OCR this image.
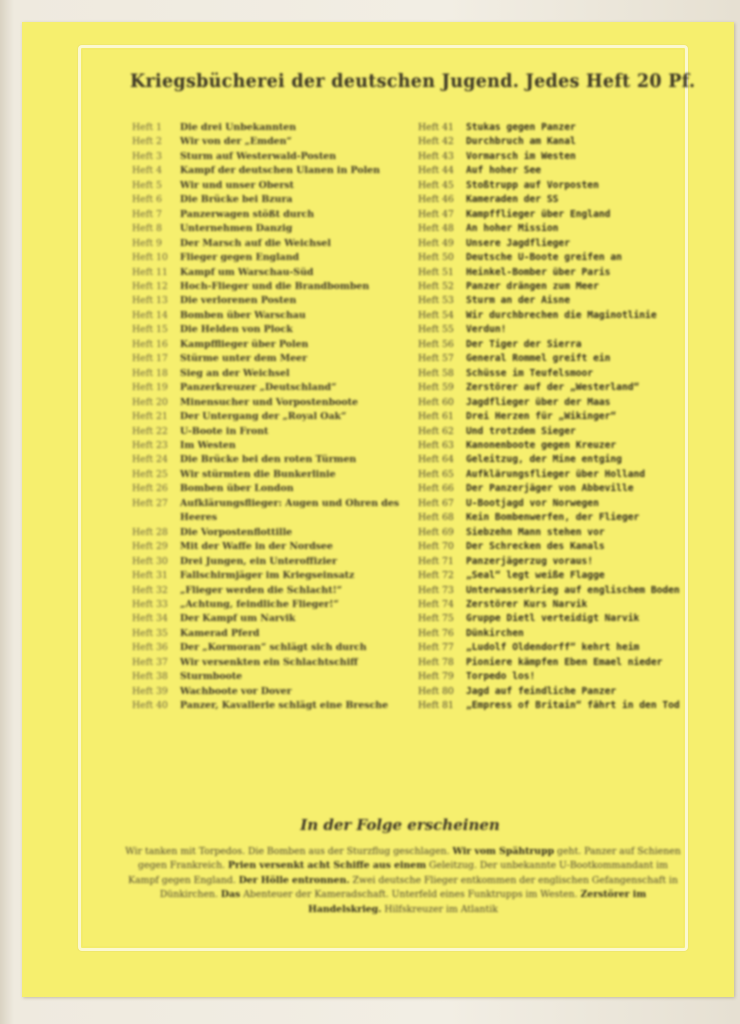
Kriegsbücherei der deutschen Jugend. Jedes Heft 20 Pf.
Heft 1	Die drei Unbekannten
Heft 2	Wir von der „Emden“
Heft 3	Sturm auf Westerwald-Posten
Heft 4	Kampf der deutschen Ulanen in Polen
Heft 5	Wir und unser Oberst
Heft 6	Die Brücke bei Bzura
Heft 7	Panzerwagen stößt durch
Heft 8	Unternehmen Danzig
Heft 9	Der Marsch auf die Weichsel
Heft 10	Flieger gegen England
Heft 11	Kampf um Warschau-Süd
Heft 12	Hoch-Flieger und die Brandbomben
Heft 13	Die verlorenen Posten
Heft 14	Bomben über Warschau
Heft 15	Die Helden von Plock
Heft 16	Kampfflieger über Polen
Heft 17	Stürme unter dem Meer
Heft 18	Sieg an der Weichsel
Heft 19	Panzerkreuzer „Deutschland“
Heft 20	Minensucher und Vorpostenboote
Heft 21	Der Untergang der „Royal Oak“
Heft 22	U-Boote in Front
Heft 23	Im Westen
Heft 24	Die Brücke bei den roten Türmen
Heft 25	Wir stürmten die Bunkerlinie
Heft 26	Bomben über London
Heft 27	Aufklärungsflieger: Augen und Ohren des Heeres
Heft 28	Die Vorpostenflottille
Heft 29	Mit der Waffe in der Nordsee
Heft 30	Drei Jungen, ein Unteroffizier
Heft 31	Fallschirmjäger im Kriegseinsatz
Heft 32	„Flieger werden die Schlacht!“
Heft 33	„Achtung, feindliche Flieger!“
Heft 34	Der Kampf um Narvik
Heft 35	Kamerad Pferd
Heft 36	Der „Kormoran“ schlägt sich durch
Heft 37	Wir versenkten ein Schlachtschiff
Heft 38	Sturmboote
Heft 39	Wachboote vor Dover
Heft 40	Panzer, Kavallerie schlägt eine Bresche
Heft 41	Stukas gegen Panzer
Heft 42	Durchbruch am Kanal
Heft 43	Vormarsch im Westen
Heft 44	Auf hoher See
Heft 45	Stoßtrupp auf Vorposten
Heft 46	Kameraden der SS
Heft 47	Kampfflieger über England
Heft 48	An hoher Mission
Heft 49	Unsere Jagdflieger
Heft 50	Deutsche U-Boote greifen an
Heft 51	Heinkel-Bomber über Paris
Heft 52	Panzer drängen zum Meer
Heft 53	Sturm an der Aisne
Heft 54	Wir durchbrechen die Maginotlinie
Heft 55	Verdun!
Heft 56	Der Tiger der Sierra
Heft 57	General Rommel greift ein
Heft 58	Schüsse im Teufelsmoor
Heft 59	Zerstörer auf der „Westerland“
Heft 60	Jagdflieger über der Maas
Heft 61	Drei Herzen für „Wikinger“
Heft 62	Und trotzdem Sieger
Heft 63	Kanonenboote gegen Kreuzer
Heft 64	Geleitzug, der Mine entging
Heft 65	Aufklärungsflieger über Holland
Heft 66	Der Panzerjäger von Abbeville
Heft 67	U-Bootjagd vor Norwegen
Heft 68	Kein Bombenwerfen, der Flieger
Heft 69	Siebzehn Mann stehen vor
Heft 70	Der Schrecken des Kanals
Heft 71	Panzerjägerzug voraus!
Heft 72	„Seal“ legt weiße Flagge
Heft 73	Unterwasserkrieg auf englischem Boden
Heft 74	Zerstörer Kurs Narvik
Heft 75	Gruppe Dietl verteidigt Narvik
Heft 76	Dünkirchen
Heft 77	„Ludolf Oldendorff“ kehrt heim
Heft 78	Pioniere kämpfen Eben Emael nieder
Heft 79	Torpedo los!
Heft 80	Jagd auf feindliche Panzer
Heft 81	„Empress of Britain“ fährt in den Tod
In der Folge erscheinen
Wir tanken mit Torpedos. Die Bomben aus der Sturzflug geschlagen. Wir vom Spähtrupp geht. Panzer auf Schienen gegen Frankreich. Prien versenkt acht Schiffe aus einem Geleitzug. Der unbekannte U-Bootkommandant im Kampf gegen England. Der Hölle entronnen. Zwei deutsche Flieger entkommen der englischen Gefangenschaft in Dünkirchen. Das Abenteuer der Kameradschaft. Unterfeld eines Funktrupps im Westen. Zerstörer im Handelskrieg. Hilfskreuzer im Atlantik
